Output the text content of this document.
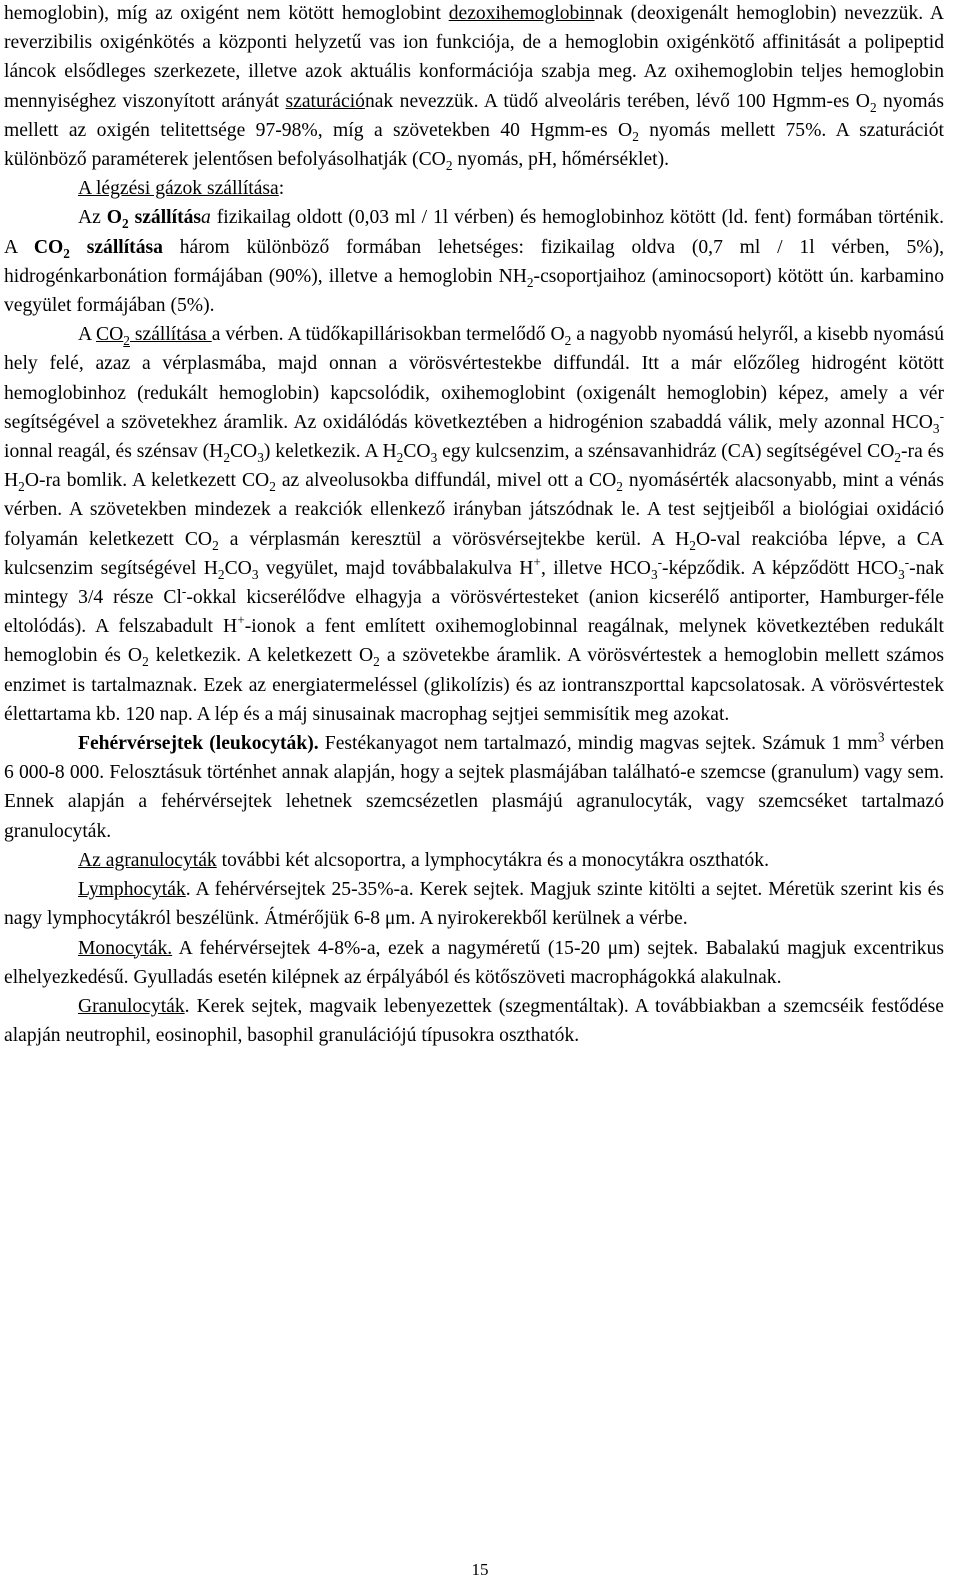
hemoglobin), míg az oxigént nem kötött hemoglobint dezoxihemoglobinnak (deoxigenált hemoglobin) nevezzük. A reverzibilis oxigénkötés a központi helyzetű vas ion funkciója, de a hemoglobin oxigénkötő affinitását a polipeptid láncok elsődleges szerkezete, illetve azok aktuális konformációja szabja meg. Az oxihemoglobin teljes hemoglobin mennyiséghez viszonyított arányát szaturációnak nevezzük. A tüdő alveoláris terében, lévő 100 Hgmm-es $O_2$ nyomás mellett az oxigén telitettsége 97-98%, míg a szövetekben 40 Hgmm-es $O_2$ nyomás mellett 75%. A szaturációt különböző paraméterek jelentősen befolyásolhatják ($CO_2$ nyomás, pH, hőmérséklet).

A légzési gázok szállítása:

Az $O_2$ szállítása fizikailag oldott (0,03 ml / 1l vérben) és hemoglobinhoz kötött (ld. fent) formában történik. A $CO_2$ szállítása három különböző formában lehetséges: fizikailag oldva (0,7 ml / 1l vérben, 5%), hidrogénkarbonátion formájában (90%), illetve a hemoglobin $NH_2$-csoportjaihoz (aminocsoport) kötött ún. karbamino vegyület formájában (5%).

A $CO_2$ szállítása a vérben. A tüdőkapillárisokban termelődő $O_2$ a nagyobb nyomású helyről, a kisebb nyomású hely felé, azaz a vérplasmába, majd onnan a vörösvértestekbe diffundál. Itt a már előzőleg hidrogént kötött hemoglobinhoz (redukált hemoglobin) kapcsolódik, oxihemoglobint (oxigenált hemoglobin) képez, amely a vér segítségével a szövetekhez áramlik. Az oxidálódás következtében a hidrogénion szabaddá válik, mely azonnal $HCO_3^-$ ionnal reagál, és szénsav $(H_2CO_3)$ keletkezik. A $H_2CO_3$ egy kulcsenzim, a szénsavanhidráz (CA) segítségével $CO_2-ra$ és $H_2O-ra$ bomlik. A keletkezett $CO_2$ az alveolusokba diffundál, mivel ott a $CO_2$ nyomásérték alacsonyabb, mint a vénás vérben. A szövetekben mindezek a reakciók ellenkező irányban játszódnak le. A test sejtjeiből a biológiai oxidáció folyamán keletkezett $CO_2$ a vérplasmán keresztül a vörösvérsejtekbe kerül. A $H_2O$-val reakcióba lépve, a CA kulcsenzim segítségével $H_2CO_3$ vegyület, majd továbbalakulva H+, illetve $HCO_3^-$-képződik. A képződött $HCO_3^-$-nak mintegy 3/4 része Cl--okkal kicserélődve elhagyja a vörösvértesteket (anion kicserélő antiporter, Hamburger-féle eltolódás). A felszabadult H+-ionok a fent említett oxihemoglobinnal reagálnak, melynek következtében redukált hemoglobin és $O_2$ keletkezik. A keletkezett $O_2$ a szövetekbe áramlik. A vörösvértestek a hemoglobin mellett számos enzimet is tartalmaznak. Ezek az energiatermeléssel (glikolízis) és az iontranszporttal kapcsolatosak. A vörösvértestek élettartama kb. 120 nap. A lép és a máj sinusainak macrophag sejtjei semmisítik meg azokat.

Fehérvérsejtek (leukocyták). Festékanyagot nem tartalmazó, mindig magvas sejtek. Számuk 1 $mm^3$ vérben 6 000-8 000. Felosztásuk történhet annak alapján, hogy a sejtek plasmájában található-e szemcse (granulum) vagy sem. Ennek alapján a fehérvérsejtek lehetnek szemcsézetlen plasmájú agranulocyták, vagy szemcséket tartalmazó granulocyták.

Az agranulocyták további két alcsoportra, a lymphocytákra és a monocytákra oszthatók.

Lymphocyták. A fehérvérsejtek 25-35%-a. Kerek sejtek. Magjuk szinte kitölti a sejtet. Méretük szerint kis és nagy lymphocytákról beszélünk. Átmérőjük 6-8 μm. A nyirokerekből kerülnek a vérbe.

Monocyták. A fehérvérsejtek 4-8%-a, ezek a nagyméretű (15-20 μm) sejtek. Babalakú magjuk excentrikus elhelyezkedésű. Gyulladás esetén kilépnek az érpályából és kötőszöveti macrophágokká alakulnak.

Granulocyták. Kerek sejtek, magvaik lebenyezettek (szegmentáltak). A továbbiakban a szemcséik festődése alapján neutrophil, eosinophil, basophil granulációjú típusokra oszthatók.

15
